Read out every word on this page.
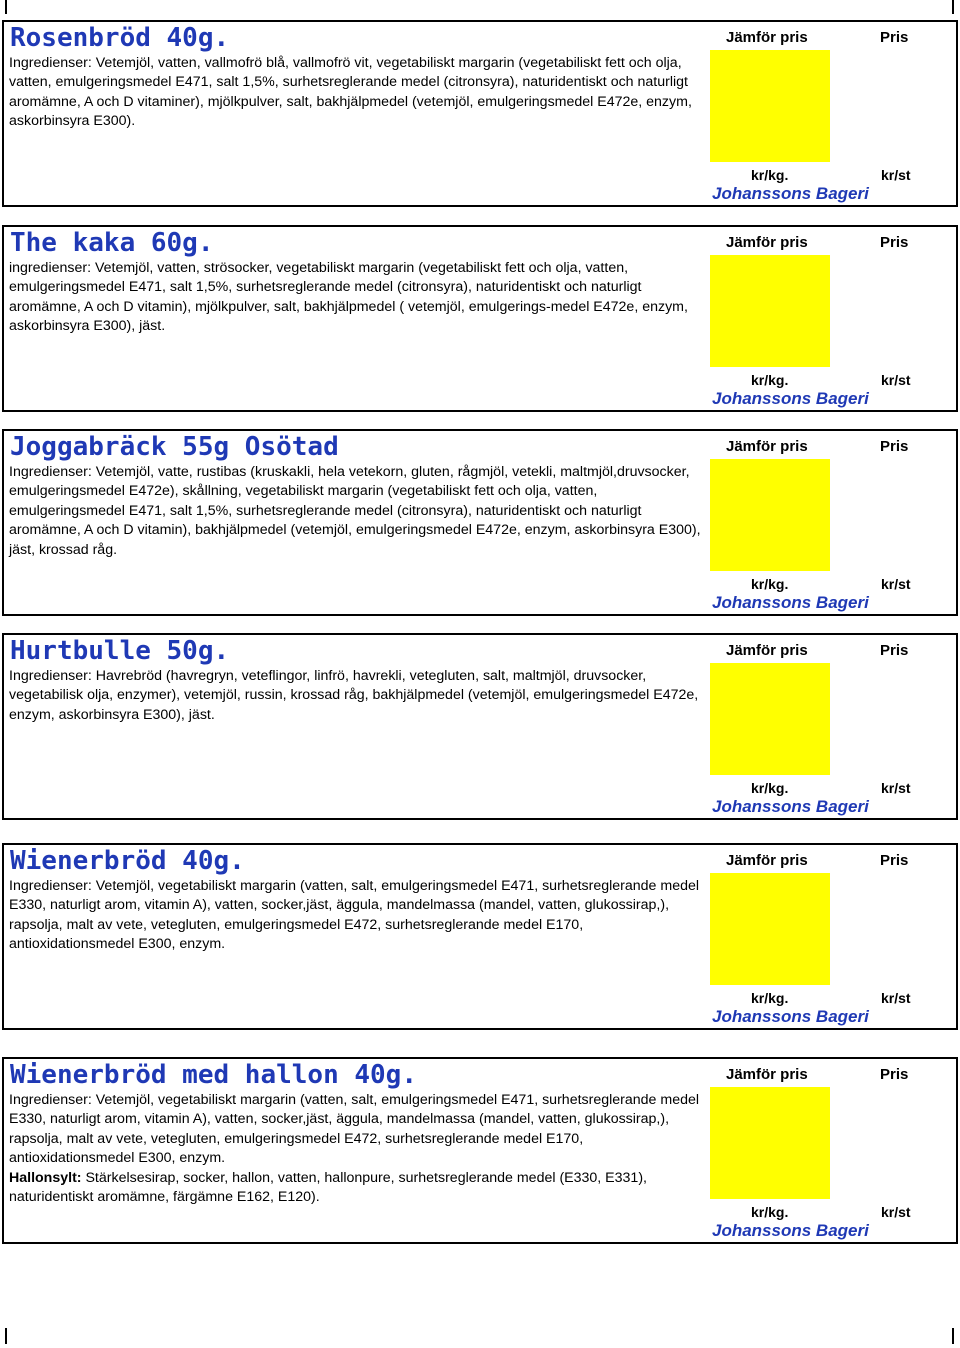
Rosenbröd 40g.

Ingredienser: Vetemjöl, vatten, vallmofrö blå, vallmofrö vit, vegetabiliskt margarin (vegetabiliskt fett och olja, vatten, emulgeringsmedel E471, salt 1,5%, surhetsreglerande medel (citronsyra), naturidentiskt och naturligt aromämne, A och D vitaminer), mjölkpulver, salt, bakhjälpmedel (vetemjöl, emulgeringsmedel E472e, enzym, askorbinsyra E300).

Jämför pris	Pris
kr/kg.	kr/st
Johanssons Bageri
The kaka 60g.

ingredienser: Vetemjöl, vatten, strösocker, vegetabiliskt margarin (vegetabiliskt fett och olja, vatten, emulgeringsmedel E471, salt 1,5%, surhetsreglerande medel (citronsyra), naturidentiskt och naturligt aromämne, A och D vitamin), mjölkpulver, salt, bakhjälpmedel ( vetemjöl, emulgerings-medel E472e, enzym, askorbinsyra E300), jäst.

Jämför pris	Pris
kr/kg.	kr/st
Johanssons Bageri
Joggabräck 55g Osötad

Ingredienser: Vetemjöl, vatte, rustibas (kruskakli, hela vetekorn, gluten, rågmjöl, vetekli, maltmjöl,druvsocker, emulgeringsmedel E472e), skållning, vegetabiliskt margarin (vegetabiliskt fett och olja, vatten, emulgeringsmedel E471, salt 1,5%, surhetsreglerande medel (citronsyra), naturidentiskt och naturligt aromämne, A och D vitamin), bakhjälpmedel (vetemjöl, emulgeringsmedel E472e, enzym, askorbinsyra E300), jäst, krossad råg.

Jämför pris	Pris
kr/kg.	kr/st
Johanssons Bageri
Hurtbulle 50g.

Ingredienser: Havrebröd (havregryn, veteflingor, linfrö, havrekli, vetegluten, salt, maltmjöl, druvsocker, vegetabilisk olja, enzymer), vetemjöl, russin, krossad råg, bakhjälpmedel (vetemjöl, emulgeringsmedel E472e, enzym, askorbinsyra E300), jäst.

Jämför pris	Pris
kr/kg.	kr/st
Johanssons Bageri
Wienerbröd 40g.

Ingredienser: Vetemjöl, vegetabiliskt margarin (vatten, salt, emulgeringsmedel E471, surhetsreglerande medel E330, naturligt arom, vitamin A), vatten, socker,jäst, äggula, mandelmassa (mandel, vatten, glukossirap,), rapsolja, malt av vete, vetegluten, emulgeringsmedel E472, surhetsreglerande medel E170, antioxidationsmedel E300, enzym.

Jämför pris	Pris
kr/kg.	kr/st
Johanssons Bageri
Wienerbröd med hallon 40g.

Ingredienser: Vetemjöl, vegetabiliskt margarin (vatten, salt, emulgeringsmedel E471, surhetsreglerande medel E330, naturligt arom, vitamin A), vatten, socker,jäst, äggula, mandelmassa (mandel, vatten, glukossirap,), rapsolja, malt av vete, vetegluten, emulgeringsmedel E472, surhetsreglerande medel E170, antioxidationsmedel E300, enzym.

Hallonsylt: Stärkelsesirap, socker, hallon, vatten, hallonpure, surhetsreglerande medel (E330, E331), naturidentiskt aromämne, färgämne E162, E120).

Jämför pris	Pris
kr/kg.	kr/st
Johanssons Bageri
